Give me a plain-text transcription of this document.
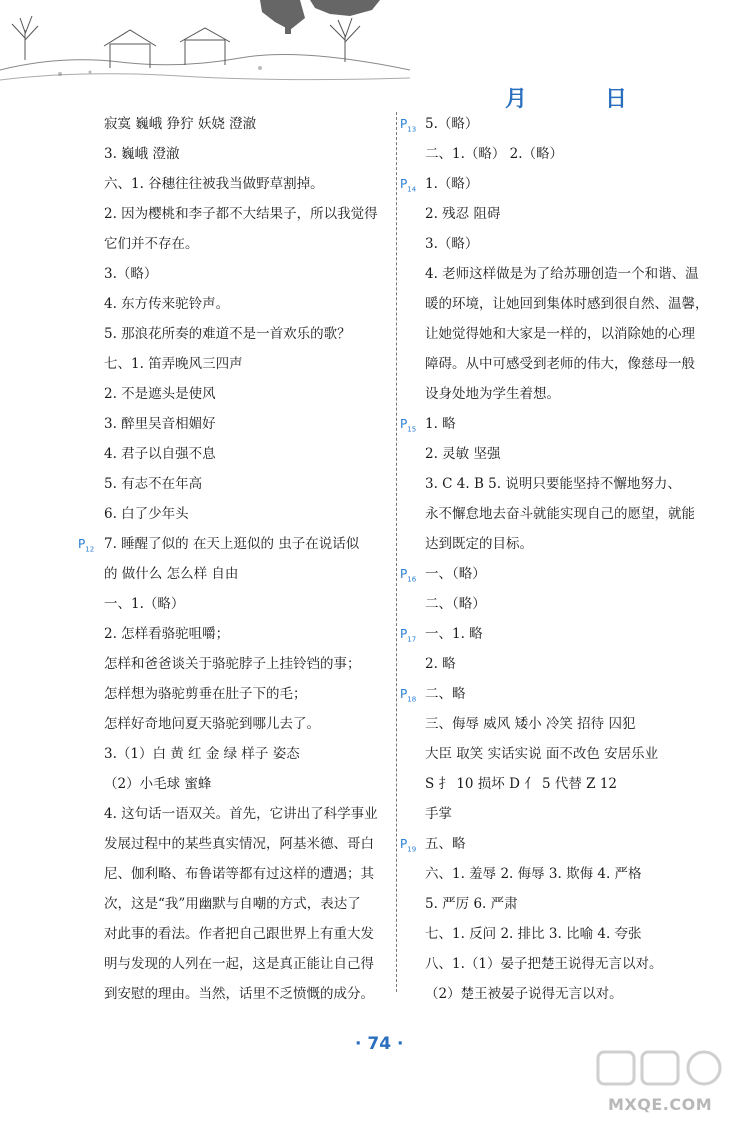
月	日
寂寞 巍峨 狰狞 妖娆 澄澈
3. 巍峨 澄澈
六、1. 谷穗往往被我当做野草割掉。
2. 因为樱桃和李子都不大结果子，所以我觉得
它们并不存在。
3.（略）
4. 东方传来驼铃声。
5. 那浪花所奏的难道不是一首欢乐的歌？
七、1. 笛弄晚风三四声
2. 不是遮头是使风
3. 醉里吴音相媚好
4. 君子以自强不息
5. 有志不在年高
6. 白了少年头
7. 睡醒了似的 在天上逛似的 虫子在说话似
的 做什么 怎么样 自由
一、1.（略）
2. 怎样看骆驼咀嚼；
怎样和爸爸谈关于骆驼脖子上挂铃铛的事；
怎样想为骆驼剪垂在肚子下的毛；
怎样好奇地问夏天骆驼到哪儿去了。
3.（1）白 黄 红 金 绿 样子 姿态
（2）小毛球 蜜蜂
4. 这句话一语双关。首先，它讲出了科学事业
发展过程中的某些真实情况，阿基米德、哥白
尼、伽利略、布鲁诺等都有过这样的遭遇；其
次，这是“我”用幽默与自嘲的方式，表达了
对此事的看法。作者把自己跟世界上有重大发
明与发现的人列在一起，这是真正能让自己得
到安慰的理由。当然，话里不乏愤慨的成分。
$P_{12}$
5.（略）
二、1.（略） 2.（略）
1.（略）
2. 残忍 阻碍
3.（略）
4. 老师这样做是为了给苏珊创造一个和谐、温
暖的环境，让她回到集体时感到很自然、温馨，
让她觉得她和大家是一样的，以消除她的心理
障碍。从中可感受到老师的伟大，像慈母一般
设身处地为学生着想。
1. 略
2. 灵敏 坚强
3. C 4. B 5. 说明只要能坚持不懈地努力、
永不懈怠地去奋斗就能实现自己的愿望，就能
达到既定的目标。
一、（略）
二、（略）
一、1. 略
2. 略
二、略
三、侮辱 威风 矮小 冷笑 招待 囚犯
大臣 取笑 实话实说 面不改色 安居乐业
S 扌 10 损坏 D 亻 5 代替 Z 12
手掌
五、略
六、1. 羞辱 2. 侮辱 3. 欺侮 4. 严格
5. 严厉 6. 严肃
七、1. 反问 2. 排比 3. 比喻 4. 夸张
八、1.（1）晏子把楚王说得无言以对。
（2）楚王被晏子说得无言以对。
$P_{13}$
$P_{14}$
$P_{15}$
$P_{16}$
$P_{17}$
$P_{18}$
$P_{19}$
· 74 ·
MXQE.COM
